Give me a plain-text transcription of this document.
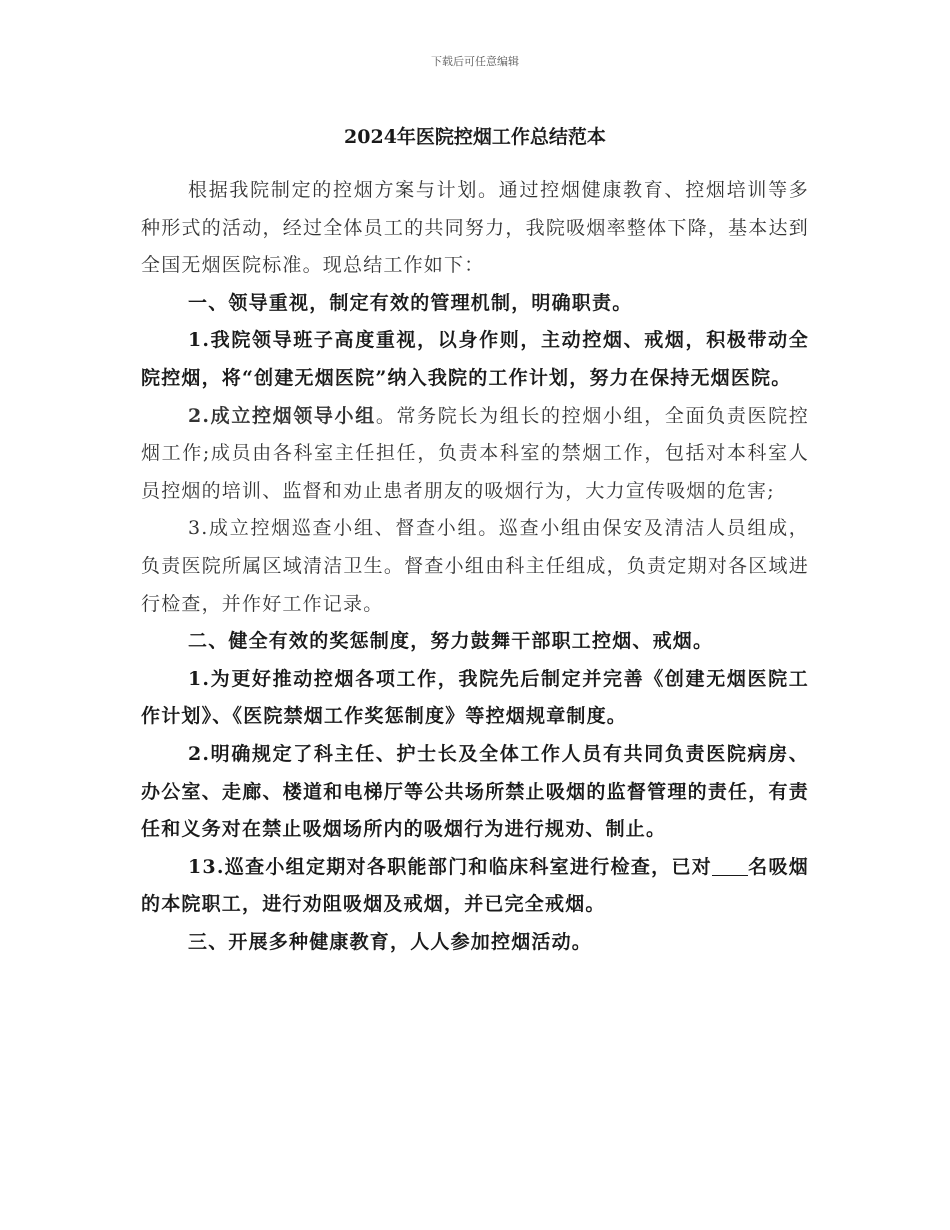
下载后可任意编辑
2024年医院控烟工作总结范本

根据我院制定的控烟方案与计划。通过控烟健康教育、控烟培训等多种形式的活动，经过全体员工的共同努力，我院吸烟率整体下降，基本达到全国无烟医院标准。现总结工作如下：

一、领导重视，制定有效的管理机制，明确职责。

1.我院领导班子高度重视，以身作则，主动控烟、戒烟，积极带动全院控烟，将“创建无烟医院”纳入我院的工作计划，努力在保持无烟医院。

2.成立控烟领导小组。常务院长为组长的控烟小组，全面负责医院控烟工作;成员由各科室主任担任，负责本科室的禁烟工作，包括对本科室人员控烟的培训、监督和劝止患者朋友的吸烟行为，大力宣传吸烟的危害;

3.成立控烟巡查小组、督查小组。巡查小组由保安及清洁人员组成，负责医院所属区域清洁卫生。督查小组由科主任组成，负责定期对各区域进行检查，并作好工作记录。

二、健全有效的奖惩制度，努力鼓舞干部职工控烟、戒烟。

1.为更好推动控烟各项工作，我院先后制定并完善《创建无烟医院工作计划》、《医院禁烟工作奖惩制度》等控烟规章制度。

2.明确规定了科主任、护士长及全体工作人员有共同负责医院病房、办公室、走廊、楼道和电梯厅等公共场所禁止吸烟的监督管理的责任，有责任和义务对在禁止吸烟场所内的吸烟行为进行规劝、制止。

13.巡查小组定期对各职能部门和临床科室进行检查，已对 名吸烟的本院职工，进行劝阻吸烟及戒烟，并已完全戒烟。

三、开展多种健康教育，人人参加控烟活动。
